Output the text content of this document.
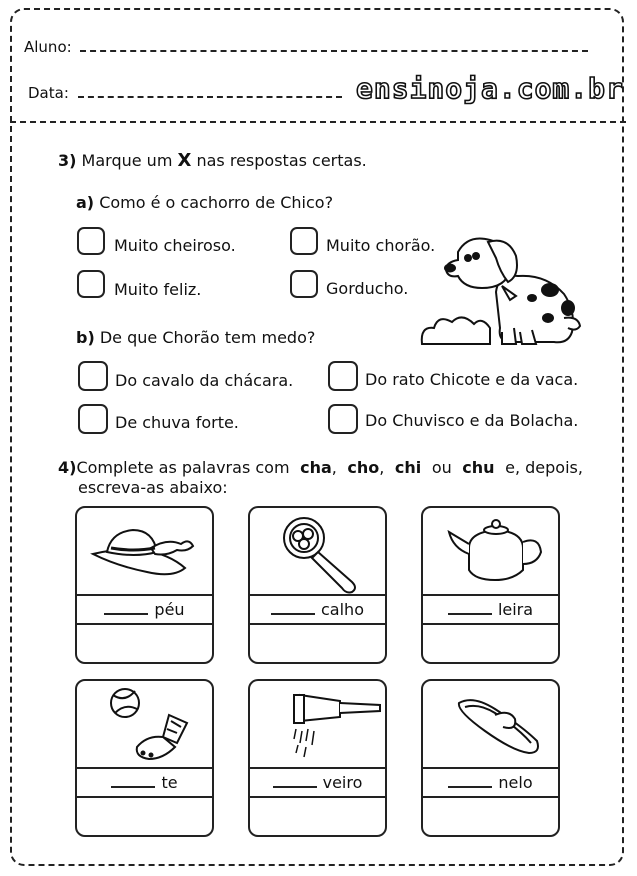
Aluno:
Data:	ensinoja.com.br
3) Marque um X nas respostas certas.
a) Como é o cachorro de Chico?
Muito cheiroso.	Muito chorão.
Muito feliz.	Gorducho.
b) De que Chorão tem medo?
Do cavalo da chácara.	Do rato Chicote e da vaca.
De chuva forte.	Do Chuvisco e da Bolacha.
4)Complete as palavras com cha, cho, chi ou chu e, depois,
escreva-as abaixo:
péu	calho	leira
te	veiro	nelo
